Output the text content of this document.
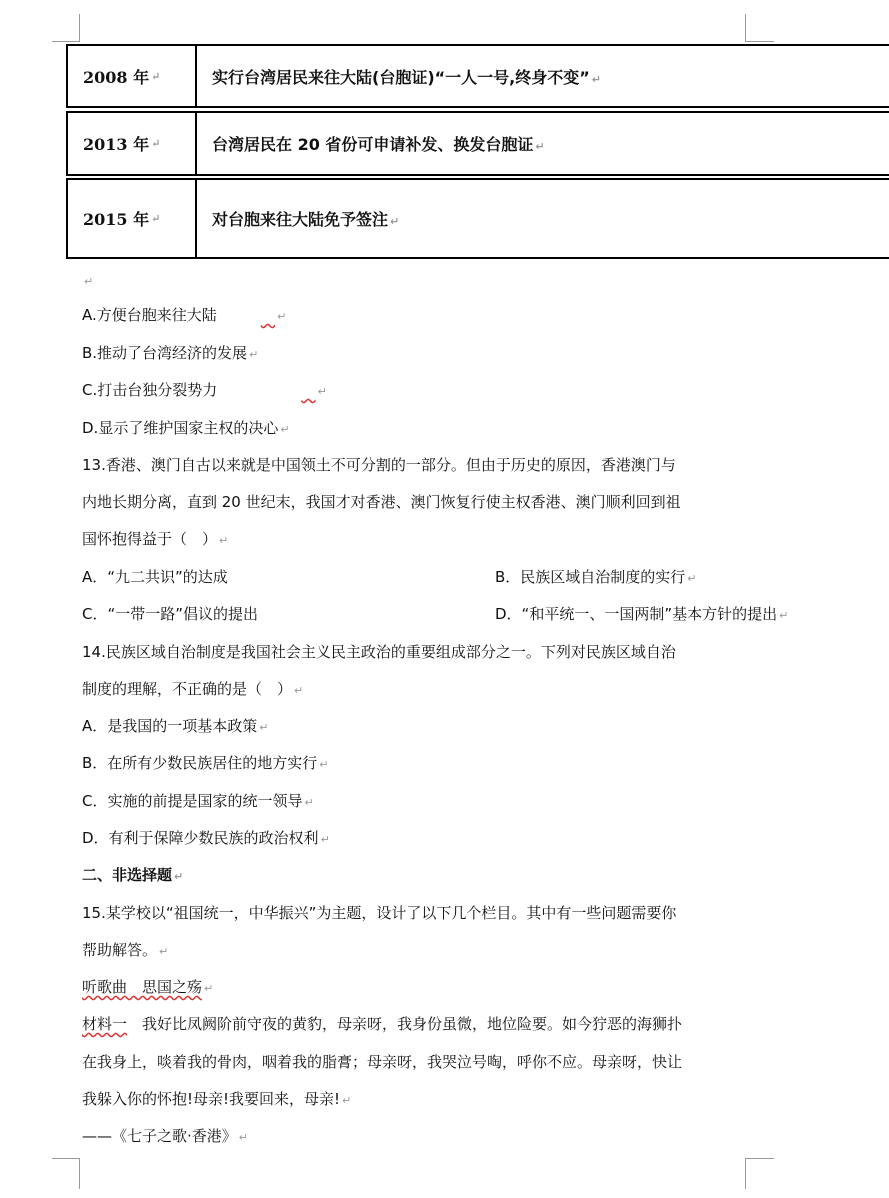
2008 年 ↵	实行台湾居民来往大陆(台胞证)“一人一号,终身不变” ↵
2013 年 ↵	台湾居民在 20 省份可申请补发、换发台胞证 ↵
2015 年 ↵	对台胞来往大陆免予签注 ↵
↵
A.方便台胞来往大陆	↵
B.推动了台湾经济的发展 ↵
C.打击台独分裂势力	↵
D.显示了维护国家主权的决心 ↵
13.香港、澳门自古以来就是中国领土不可分割的一部分。但由于历史的原因，香港澳门与
内地长期分离，直到 20 世纪末，我国才对香港、澳门恢复行使主权香港、澳门顺利回到祖
国怀抱得益于（　） ↵
A．“九二共识”的达成	B．民族区域自治制度的实行 ↵
C．“一带一路”倡议的提出	D．“和平统一、一国两制”基本方针的提出 ↵
14.民族区域自治制度是我国社会主义民主政治的重要组成部分之一。下列对民族区域自治
制度的理解，不正确的是（　） ↵
A．是我国的一项基本政策 ↵
B．在所有少数民族居住的地方实行 ↵
C．实施的前提是国家的统一领导 ↵
D．有利于保障少数民族的政治权利 ↵
二、非选择题 ↵
15.某学校以“祖国统一，中华振兴”为主题，设计了以下几个栏目。其中有一些问题需要你
帮助解答。 ↵
听歌曲　思国之殇 ↵
材料一　我好比凤阙阶前守夜的黄豹，母亲呀，我身份虽微，地位险要。如今狞恶的海狮扑
在我身上，啖着我的骨肉，咽着我的脂膏；母亲呀，我哭泣号啕，呼你不应。母亲呀，快让
我躲入你的怀抱!母亲!我要回来，母亲! ↵
——《七子之歌·香港》 ↵
